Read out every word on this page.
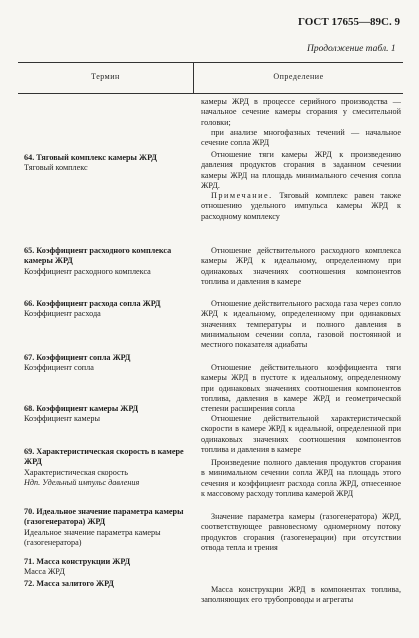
ГОСТ 17655—89 С. 9
Продолжение табл. 1
Термин	Определение
64. Тяговый комплекс камеры ЖРД
Тяговый комплекс
65. Коэффициент расходного комплекса камеры ЖРД
Коэффициент расходного комплекса
66. Коэффициент расхода сопла ЖРД
Коэффициент расхода
67. Коэффициент сопла ЖРД
Коэффициент сопла
68. Коэффициент камеры ЖРД
Коэффициент камеры
69. Характеристическая скорость в камере ЖРД
Характеристическая скорость
Ндп. Удельный импульс давления
70. Идеальное значение параметра камеры (газогенератора) ЖРД
Идеальное значение параметра камеры (газогенератора)
71. Масса конструкции ЖРД
Масса ЖРД
72. Масса залитого ЖРД
камеры ЖРД в процессе серийного производства — начальное сечение камеры сгорания у смесительной головки;
при анализе многофазных течений — начальное сечение сопла ЖРД
Отношение тяги камеры ЖРД к произведению давления продуктов сгорания в заданном сечении камеры ЖРД на площадь минимального сечения сопла ЖРД.
Примечание. Тяговый комплекс равен также отношению удельного импульса камеры ЖРД к расходному комплексу
Отношение действительного расходного комплекса камеры ЖРД к идеальному, определенному при одинаковых значениях соотношения компонентов топлива и давления в камере
Отношение действительного расхода газа через сопло ЖРД к идеальному, определенному при одинаковых значениях температуры и полного давления в минимальном сечении сопла, газовой постоянной и местного показателя адиабаты
Отношение действительного коэффициента тяги камеры ЖРД в пустоте к идеальному, определенному при одинаковых значениях соотношения компонентов топлива, давления в камере ЖРД и геометрической степени расширения сопла
Отношение действительной характеристической скорости в камере ЖРД к идеальной, определенной при одинаковых значениях соотношения компонентов топлива и давления в камере
Произведение полного давления продуктов сгорания в минимальном сечении сопла ЖРД на площадь этого сечения и коэффициент расхода сопла ЖРД, отнесенное к массовому расходу топлива камерой ЖРД
Значение параметра камеры (газогенератора) ЖРД, соответствующее равновесному одномерному потоку продуктов сгорания (газогенерации) при отсутствии отвода тепла и трения
Масса конструкции ЖРД в компонентах топлива, заполняющих его трубопроводы и агрегаты
